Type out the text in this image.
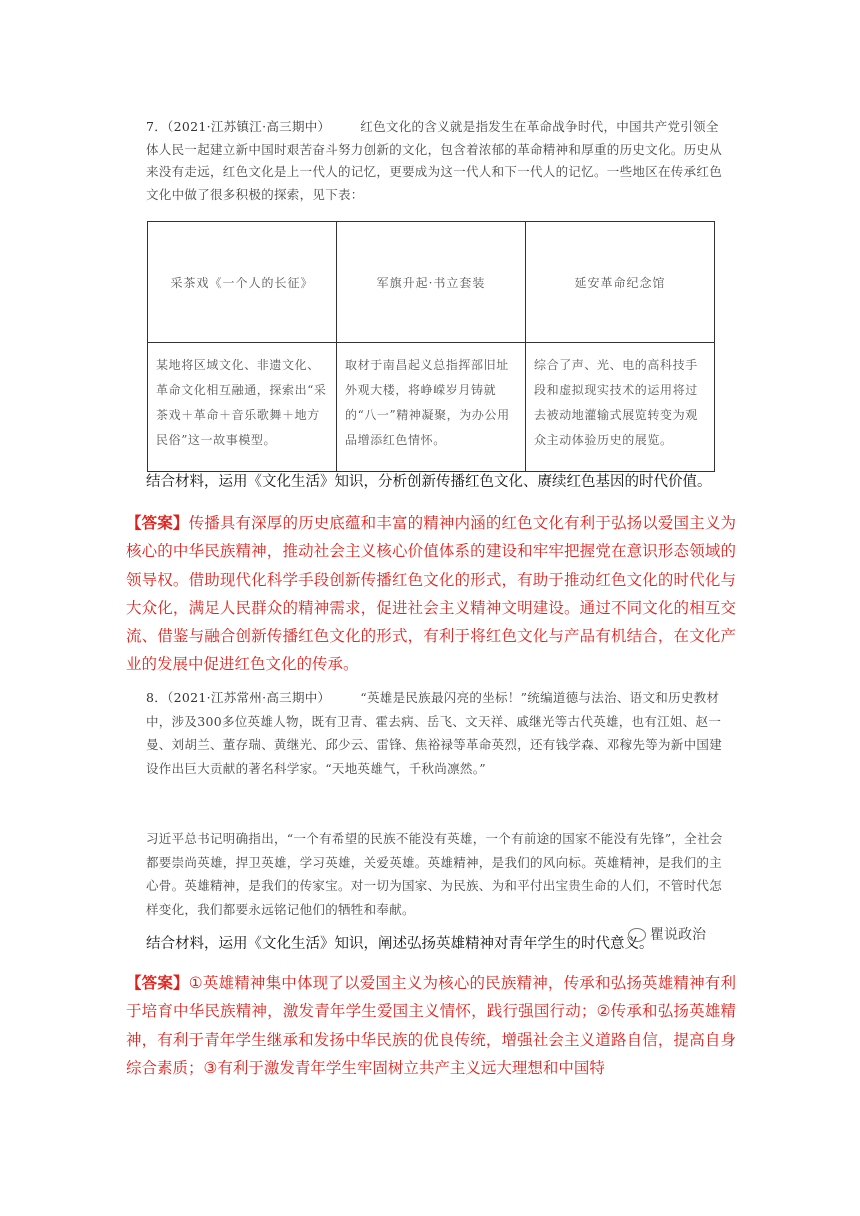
7．（2021·江苏镇江·高三期中） 红色文化的含义就是指发生在革命战争时代，中国共产党引领全体人民一起建立新中国时艰苦奋斗努力创新的文化，包含着浓郁的革命精神和厚重的历史文化。历史从来没有走远，红色文化是上一代人的记忆，更要成为这一代人和下一代人的记忆。一些地区在传承红色文化中做了很多积极的探索，见下表：
采茶戏《一个人的长征》	军旗升起·书立套装	延安革命纪念馆
某地将区域文化、非遗文化、革命文化相互融通，探索出“采茶戏＋革命＋音乐歌舞＋地方民俗”这一故事模型。	取材于南昌起义总指挥部旧址外观大楼，将峥嵘岁月铸就的“八一”精神凝聚，为办公用品增添红色情怀。	综合了声、光、电的高科技手段和虚拟现实技术的运用将过去被动地灌输式展览转变为观众主动体验历史的展览。
结合材料，运用《文化生活》知识，分析创新传播红色文化、赓续红色基因的时代价值。
【答案】传播具有深厚的历史底蕴和丰富的精神内涵的红色文化有利于弘扬以爱国主义为核心的中华民族精神，推动社会主义核心价值体系的建设和牢牢把握党在意识形态领域的领导权。借助现代化科学手段创新传播红色文化的形式，有助于推动红色文化的时代化与大众化，满足人民群众的精神需求，促进社会主义精神文明建设。通过不同文化的相互交流、借鉴与融合创新传播红色文化的形式，有利于将红色文化与产品有机结合，在文化产业的发展中促进红色文化的传承。
8．（2021·江苏常州·高三期中） “英雄是民族最闪亮的坐标！”统编道德与法治、语文和历史教材中，涉及300多位英雄人物，既有卫青、霍去病、岳飞、文天祥、戚继光等古代英雄，也有江姐、赵一曼、刘胡兰、董存瑞、黄继光、邱少云、雷锋、焦裕禄等革命英烈，还有钱学森、邓稼先等为新中国建设作出巨大贡献的著名科学家。“天地英雄气，千秋尚凛然。”
习近平总书记明确指出，“一个有希望的民族不能没有英雄，一个有前途的国家不能没有先锋”，全社会都要崇尚英雄，捍卫英雄，学习英雄，关爱英雄。英雄精神，是我们的风向标。英雄精神，是我们的主心骨。英雄精神，是我们的传家宝。对一切为国家、为民族、为和平付出宝贵生命的人们，不管时代怎样变化，我们都要永远铭记他们的牺牲和奉献。
结合材料，运用《文化生活》知识，阐述弘扬英雄精神对青年学生的时代意义。
瞿说政治
【答案】①英雄精神集中体现了以爱国主义为核心的民族精神，传承和弘扬英雄精神有利于培育中华民族精神，激发青年学生爱国主义情怀，践行强国行动；②传承和弘扬英雄精神，有利于青年学生继承和发扬中华民族的优良传统，增强社会主义道路自信，提高自身综合素质；③有利于激发青年学生牢固树立共产主义远大理想和中国特
